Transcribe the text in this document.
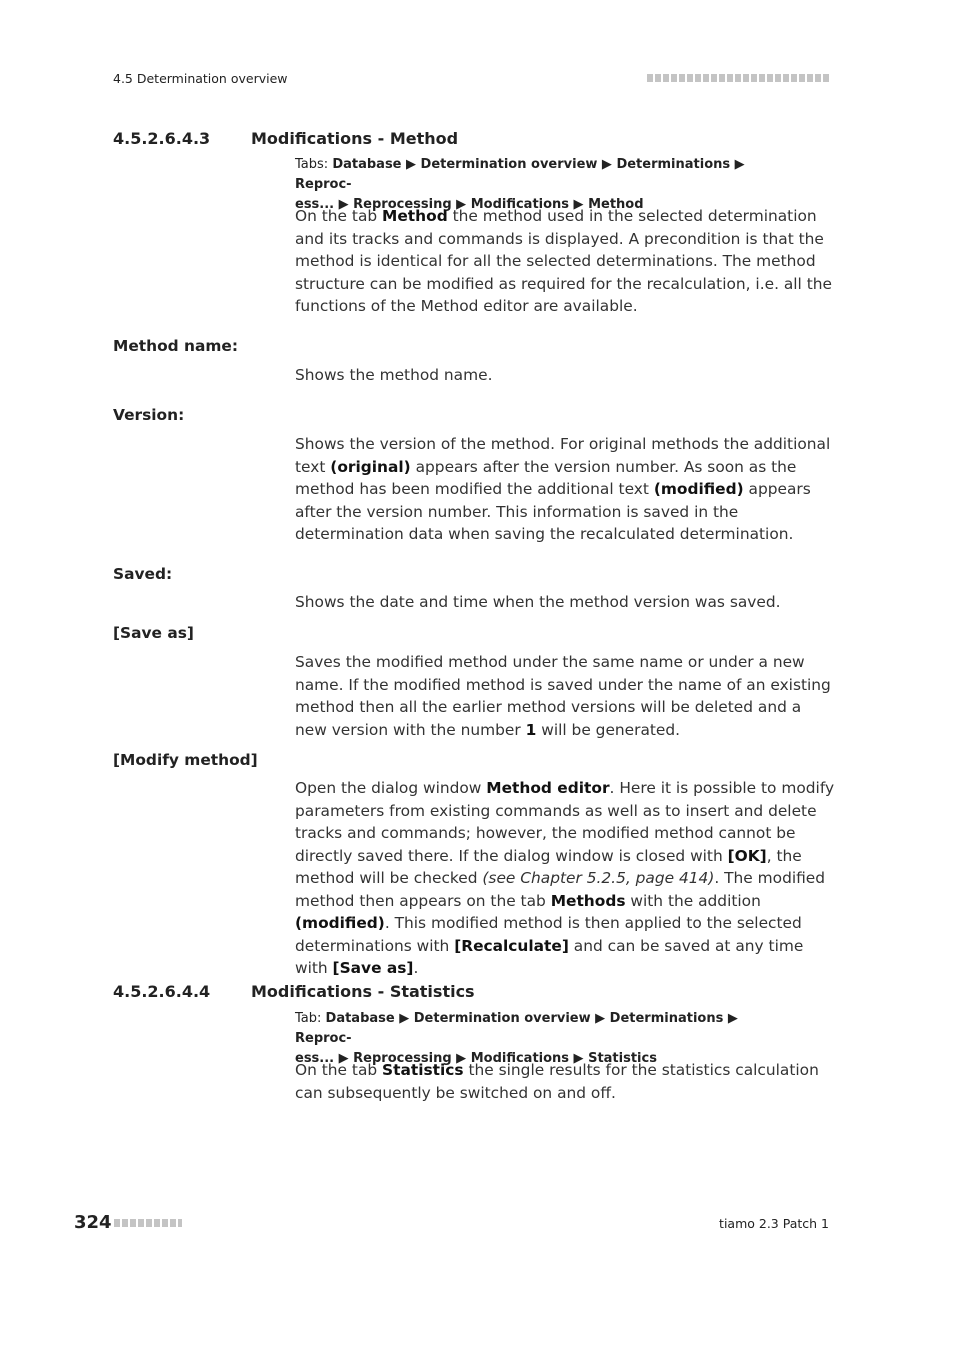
4.5 Determination overview
4.5.2.6.4.3	Modifications - Method
Tabs: Database ▶ Determination overview ▶ Determinations ▶ Reproc-
ess... ▶ Reprocessing ▶ Modifications ▶ Method
On the tab Method the method used in the selected determination and its tracks and commands is displayed. A precondition is that the method is identical for all the selected determinations. The method structure can be modified as required for the recalculation, i.e. all the functions of the Method editor are available.
Method name:
Shows the method name.
Version:
Shows the version of the method. For original methods the additional text (original) appears after the version number. As soon as the method has been modified the additional text (modified) appears after the version number. This information is saved in the determination data when saving the recalculated determination.
Saved:
Shows the date and time when the method version was saved.
[Save as]
Saves the modified method under the same name or under a new name. If the modified method is saved under the name of an existing method then all the earlier method versions will be deleted and a new version with the number 1 will be generated.
[Modify method]
Open the dialog window Method editor. Here it is possible to modify parameters from existing commands as well as to insert and delete tracks and commands; however, the modified method cannot be directly saved there. If the dialog window is closed with [OK], the method will be checked (see Chapter 5.2.5, page 414). The modified method then appears on the tab Methods with the addition (modified). This modified method is then applied to the selected determinations with [Recalculate] and can be saved at any time with [Save as].
4.5.2.6.4.4	Modifications - Statistics
Tab: Database ▶ Determination overview ▶ Determinations ▶ Reproc-
ess... ▶ Reprocessing ▶ Modifications ▶ Statistics
On the tab Statistics the single results for the statistics calculation can subsequently be switched on and off.
324	tiamo 2.3 Patch 1
